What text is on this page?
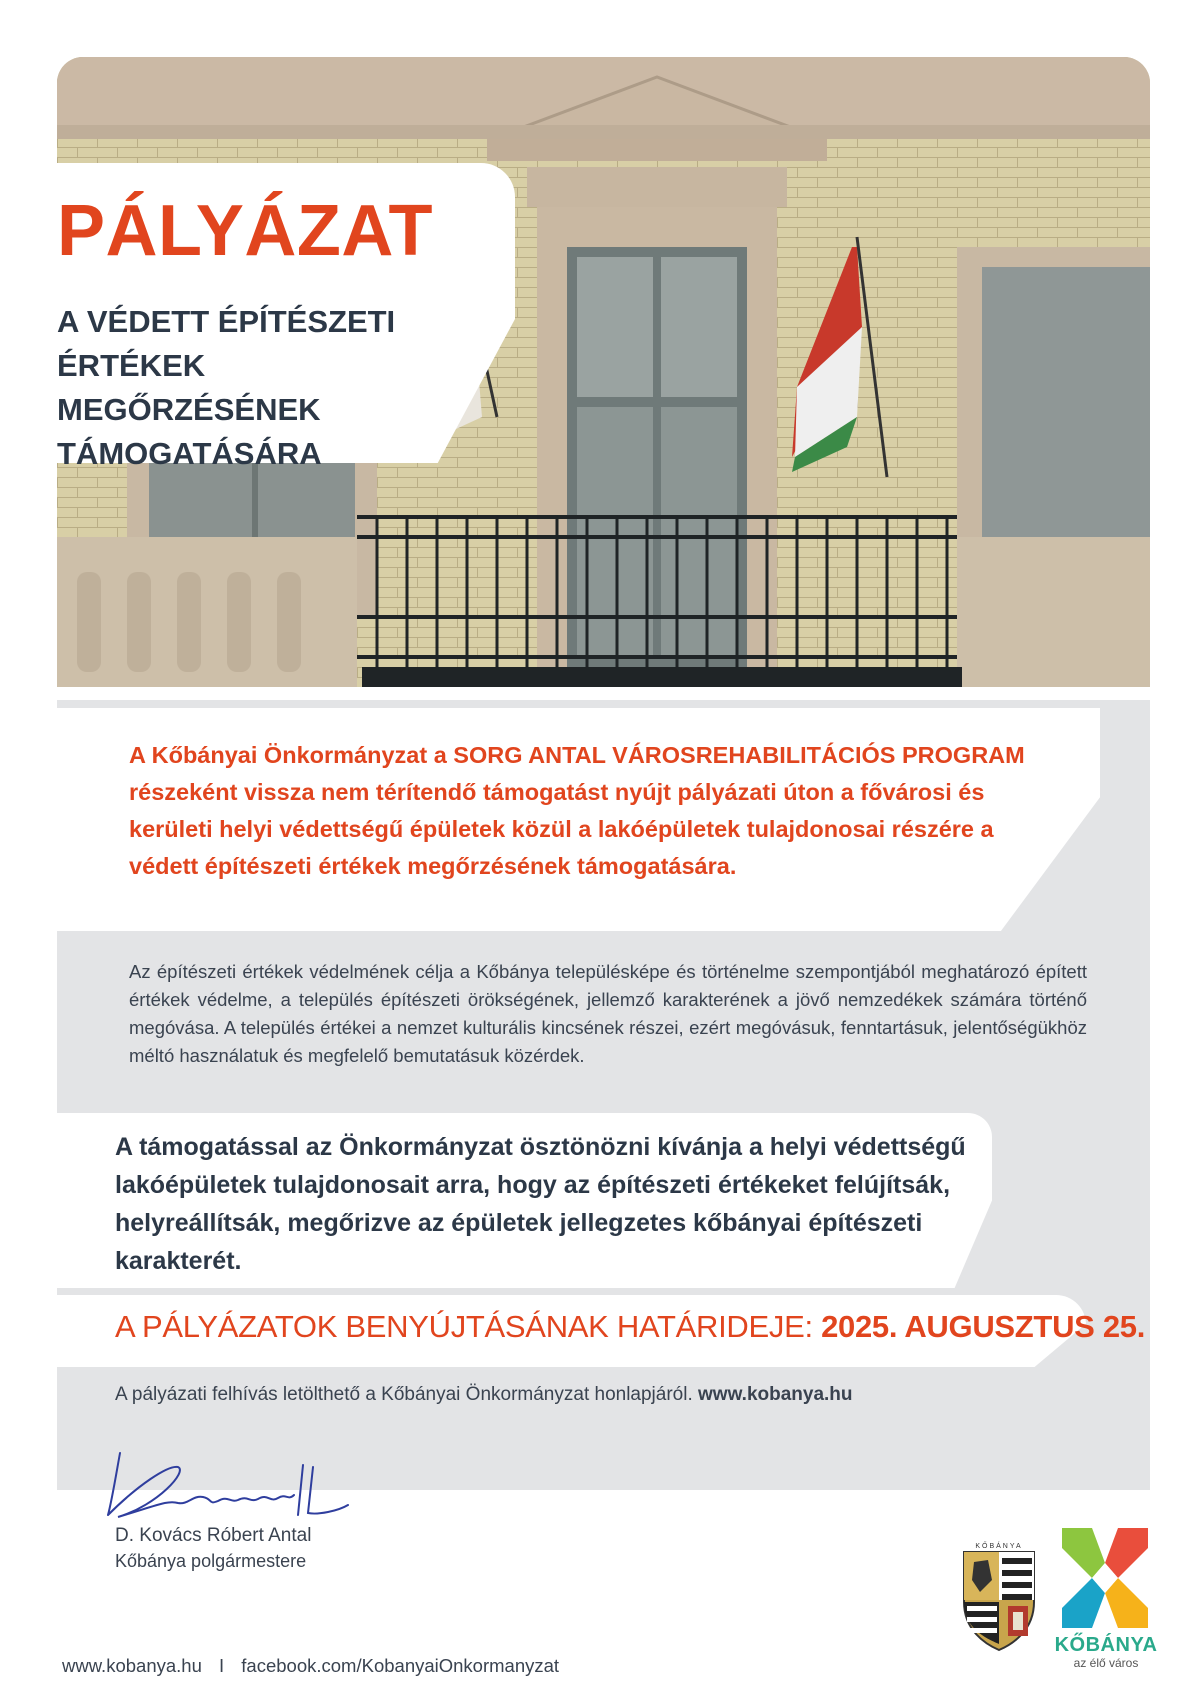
PÁLYÁZAT
A VÉDETT ÉPÍTÉSZETI ÉRTÉKEK MEGŐRZÉSÉNEK TÁMOGATÁSÁRA
A Kőbányai Önkormányzat a SORG ANTAL VÁROSREHABILITÁCIÓS PROGRAM részeként vissza nem térítendő támogatást nyújt pályázati úton a fővárosi és kerületi helyi védettségű épületek közül a lakóépületek tulajdonosai részére a védett építészeti értékek megőrzésének támogatására.
Az építészeti értékek védelmének célja a Kőbánya településképe és történelme szempontjából meghatározó épített értékek védelme, a település építészeti örökségének, jellemző karakterének a jövő nemzedékek számára történő megóvása. A település értékei a nemzet kulturális kincsének részei, ezért megóvásuk, fenntartásuk, jelentőségükhöz méltó használatuk és megfelelő bemutatásuk közérdek.
A támogatással az Önkormányzat ösztönözni kívánja a helyi védettségű lakóépületek tulajdonosait arra, hogy az építészeti értékeket felújítsák, helyreállítsák, megőrizve az épületek jellegzetes kőbányai építészeti karakterét.
A PÁLYÁZATOK BENYÚJTÁSÁNAK HATÁRIDEJE: 2025. AUGUSZTUS 25.
A pályázati felhívás letölthető a Kőbányai Önkormányzat honlapjáról. www.kobanya.hu
D. Kovács Róbert Antal
Kőbánya polgármestere
KŐBÁNYA
KŐBÁNYA
az élő város
www.kobanya.hu I facebook.com/KobanyaiOnkormanyzat
